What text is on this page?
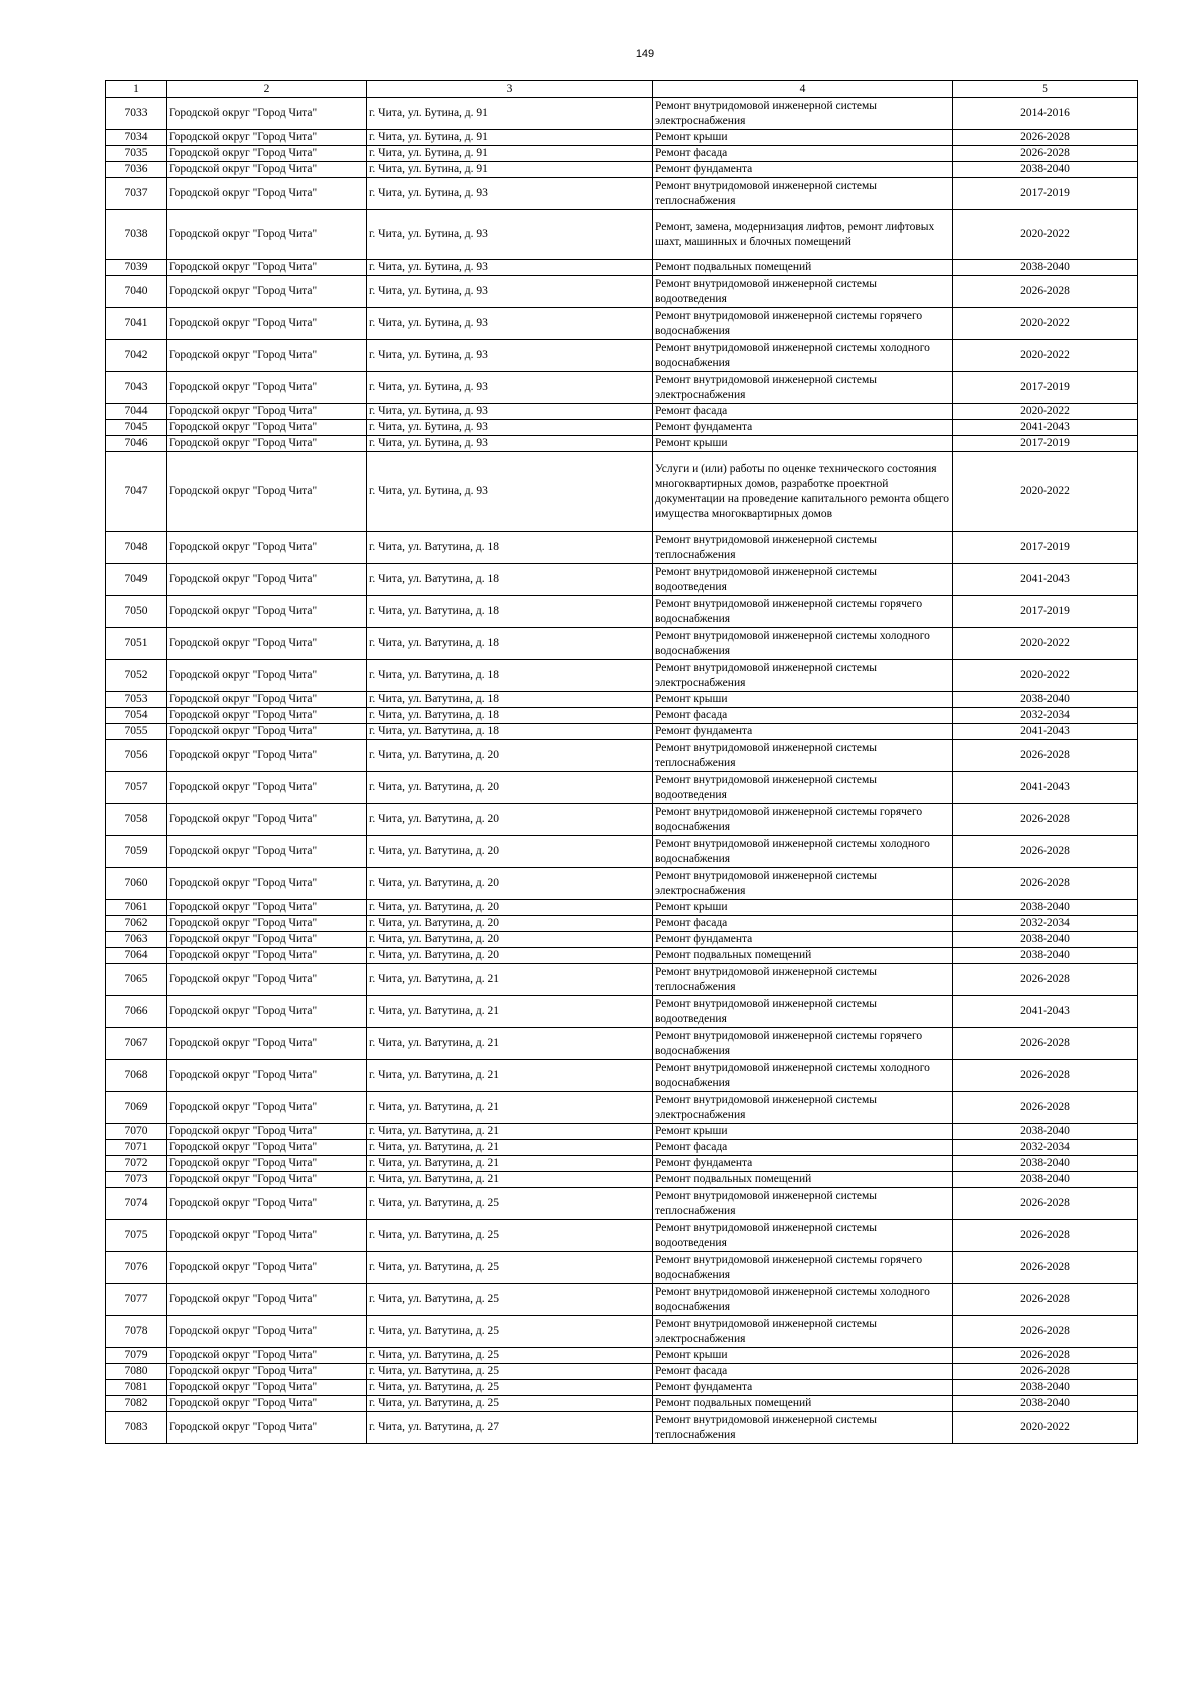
149
1	2	3	4	5
7033	Городской округ "Город Чита"	г. Чита, ул. Бутина, д. 91	Ремонт внутридомовой инженерной системы электроснабжения	2014-2016
7034	Городской округ "Город Чита"	г. Чита, ул. Бутина, д. 91	Ремонт крыши	2026-2028
7035	Городской округ "Город Чита"	г. Чита, ул. Бутина, д. 91	Ремонт фасада	2026-2028
7036	Городской округ "Город Чита"	г. Чита, ул. Бутина, д. 91	Ремонт фундамента	2038-2040
7037	Городской округ "Город Чита"	г. Чита, ул. Бутина, д. 93	Ремонт внутридомовой инженерной системы теплоснабжения	2017-2019
7038	Городской округ "Город Чита"	г. Чита, ул. Бутина, д. 93	Ремонт, замена, модернизация лифтов, ремонт лифтовых шахт, машинных и блочных помещений	2020-2022
7039	Городской округ "Город Чита"	г. Чита, ул. Бутина, д. 93	Ремонт подвальных помещений	2038-2040
7040	Городской округ "Город Чита"	г. Чита, ул. Бутина, д. 93	Ремонт внутридомовой инженерной системы водоотведения	2026-2028
7041	Городской округ "Город Чита"	г. Чита, ул. Бутина, д. 93	Ремонт внутридомовой инженерной системы горячего водоснабжения	2020-2022
7042	Городской округ "Город Чита"	г. Чита, ул. Бутина, д. 93	Ремонт внутридомовой инженерной системы холодного водоснабжения	2020-2022
7043	Городской округ "Город Чита"	г. Чита, ул. Бутина, д. 93	Ремонт внутридомовой инженерной системы электроснабжения	2017-2019
7044	Городской округ "Город Чита"	г. Чита, ул. Бутина, д. 93	Ремонт фасада	2020-2022
7045	Городской округ "Город Чита"	г. Чита, ул. Бутина, д. 93	Ремонт фундамента	2041-2043
7046	Городской округ "Город Чита"	г. Чита, ул. Бутина, д. 93	Ремонт крыши	2017-2019
7047	Городской округ "Город Чита"	г. Чита, ул. Бутина, д. 93	Услуги и (или) работы по оценке технического состояния многоквартирных домов, разработке проектной документации на проведение капитального ремонта общего имущества многоквартирных домов	2020-2022
7048	Городской округ "Город Чита"	г. Чита, ул. Ватутина, д. 18	Ремонт внутридомовой инженерной системы теплоснабжения	2017-2019
7049	Городской округ "Город Чита"	г. Чита, ул. Ватутина, д. 18	Ремонт внутридомовой инженерной системы водоотведения	2041-2043
7050	Городской округ "Город Чита"	г. Чита, ул. Ватутина, д. 18	Ремонт внутридомовой инженерной системы горячего водоснабжения	2017-2019
7051	Городской округ "Город Чита"	г. Чита, ул. Ватутина, д. 18	Ремонт внутридомовой инженерной системы холодного водоснабжения	2020-2022
7052	Городской округ "Город Чита"	г. Чита, ул. Ватутина, д. 18	Ремонт внутридомовой инженерной системы электроснабжения	2020-2022
7053	Городской округ "Город Чита"	г. Чита, ул. Ватутина, д. 18	Ремонт крыши	2038-2040
7054	Городской округ "Город Чита"	г. Чита, ул. Ватутина, д. 18	Ремонт фасада	2032-2034
7055	Городской округ "Город Чита"	г. Чита, ул. Ватутина, д. 18	Ремонт фундамента	2041-2043
7056	Городской округ "Город Чита"	г. Чита, ул. Ватутина, д. 20	Ремонт внутридомовой инженерной системы теплоснабжения	2026-2028
7057	Городской округ "Город Чита"	г. Чита, ул. Ватутина, д. 20	Ремонт внутридомовой инженерной системы водоотведения	2041-2043
7058	Городской округ "Город Чита"	г. Чита, ул. Ватутина, д. 20	Ремонт внутридомовой инженерной системы горячего водоснабжения	2026-2028
7059	Городской округ "Город Чита"	г. Чита, ул. Ватутина, д. 20	Ремонт внутридомовой инженерной системы холодного водоснабжения	2026-2028
7060	Городской округ "Город Чита"	г. Чита, ул. Ватутина, д. 20	Ремонт внутридомовой инженерной системы электроснабжения	2026-2028
7061	Городской округ "Город Чита"	г. Чита, ул. Ватутина, д. 20	Ремонт крыши	2038-2040
7062	Городской округ "Город Чита"	г. Чита, ул. Ватутина, д. 20	Ремонт фасада	2032-2034
7063	Городской округ "Город Чита"	г. Чита, ул. Ватутина, д. 20	Ремонт фундамента	2038-2040
7064	Городской округ "Город Чита"	г. Чита, ул. Ватутина, д. 20	Ремонт подвальных помещений	2038-2040
7065	Городской округ "Город Чита"	г. Чита, ул. Ватутина, д. 21	Ремонт внутридомовой инженерной системы теплоснабжения	2026-2028
7066	Городской округ "Город Чита"	г. Чита, ул. Ватутина, д. 21	Ремонт внутридомовой инженерной системы водоотведения	2041-2043
7067	Городской округ "Город Чита"	г. Чита, ул. Ватутина, д. 21	Ремонт внутридомовой инженерной системы горячего водоснабжения	2026-2028
7068	Городской округ "Город Чита"	г. Чита, ул. Ватутина, д. 21	Ремонт внутридомовой инженерной системы холодного водоснабжения	2026-2028
7069	Городской округ "Город Чита"	г. Чита, ул. Ватутина, д. 21	Ремонт внутридомовой инженерной системы электроснабжения	2026-2028
7070	Городской округ "Город Чита"	г. Чита, ул. Ватутина, д. 21	Ремонт крыши	2038-2040
7071	Городской округ "Город Чита"	г. Чита, ул. Ватутина, д. 21	Ремонт фасада	2032-2034
7072	Городской округ "Город Чита"	г. Чита, ул. Ватутина, д. 21	Ремонт фундамента	2038-2040
7073	Городской округ "Город Чита"	г. Чита, ул. Ватутина, д. 21	Ремонт подвальных помещений	2038-2040
7074	Городской округ "Город Чита"	г. Чита, ул. Ватутина, д. 25	Ремонт внутридомовой инженерной системы теплоснабжения	2026-2028
7075	Городской округ "Город Чита"	г. Чита, ул. Ватутина, д. 25	Ремонт внутридомовой инженерной системы водоотведения	2026-2028
7076	Городской округ "Город Чита"	г. Чита, ул. Ватутина, д. 25	Ремонт внутридомовой инженерной системы горячего водоснабжения	2026-2028
7077	Городской округ "Город Чита"	г. Чита, ул. Ватутина, д. 25	Ремонт внутридомовой инженерной системы холодного водоснабжения	2026-2028
7078	Городской округ "Город Чита"	г. Чита, ул. Ватутина, д. 25	Ремонт внутридомовой инженерной системы электроснабжения	2026-2028
7079	Городской округ "Город Чита"	г. Чита, ул. Ватутина, д. 25	Ремонт крыши	2026-2028
7080	Городской округ "Город Чита"	г. Чита, ул. Ватутина, д. 25	Ремонт фасада	2026-2028
7081	Городской округ "Город Чита"	г. Чита, ул. Ватутина, д. 25	Ремонт фундамента	2038-2040
7082	Городской округ "Город Чита"	г. Чита, ул. Ватутина, д. 25	Ремонт подвальных помещений	2038-2040
7083	Городской округ "Город Чита"	г. Чита, ул. Ватутина, д. 27	Ремонт внутридомовой инженерной системы теплоснабжения	2020-2022
